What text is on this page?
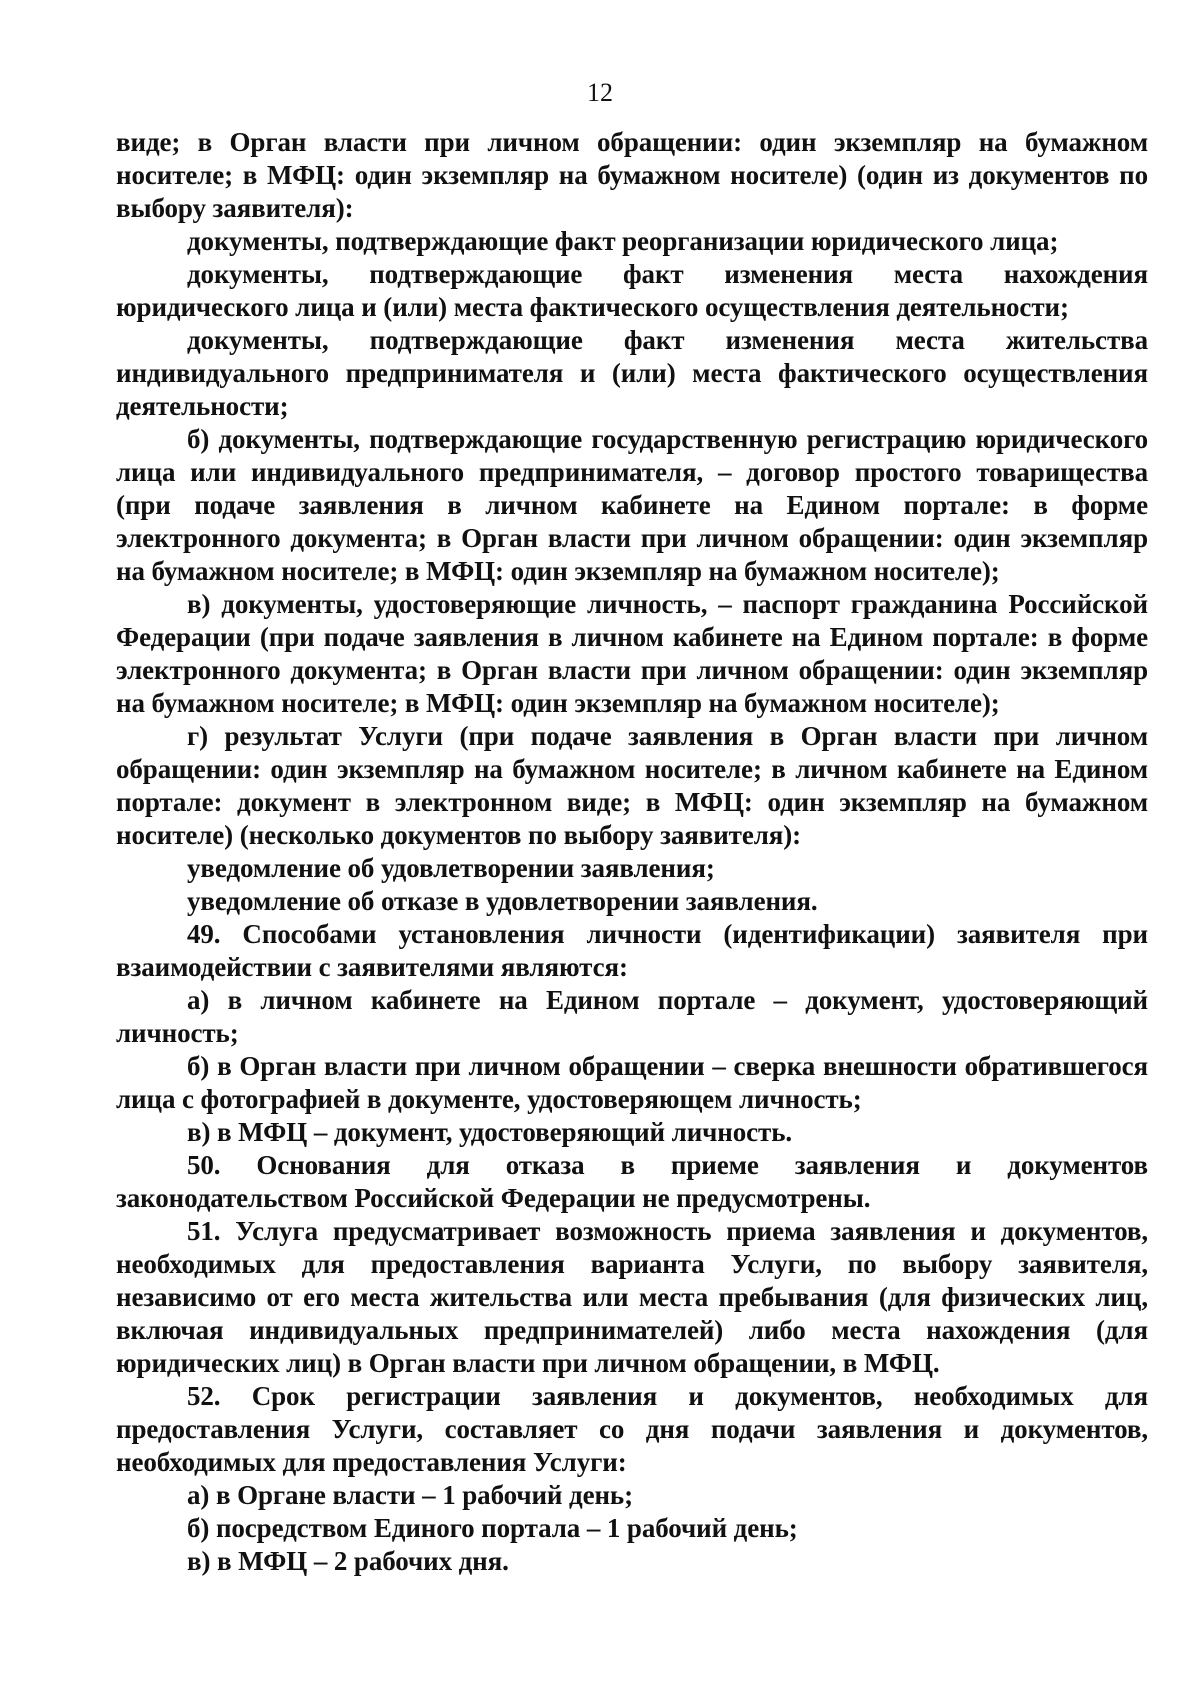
12

виде; в Орган власти при личном обращении: один экземпляр на бумажном носителе; в МФЦ: один экземпляр на бумажном носителе) (один из документов по выбору заявителя):

документы, подтверждающие факт реорганизации юридического лица;

документы, подтверждающие факт изменения места нахождения юридического лица и (или) места фактического осуществления деятельности;

документы, подтверждающие факт изменения места жительства индивидуального предпринимателя и (или) места фактического осуществления деятельности;

б) документы, подтверждающие государственную регистрацию юридического лица или индивидуального предпринимателя, – договор простого товарищества (при подаче заявления в личном кабинете на Едином портале: в форме электронного документа; в Орган власти при личном обращении: один экземпляр на бумажном носителе; в МФЦ: один экземпляр на бумажном носителе);

в) документы, удостоверяющие личность, – паспорт гражданина Российской Федерации (при подаче заявления в личном кабинете на Едином портале: в форме электронного документа; в Орган власти при личном обращении: один экземпляр на бумажном носителе; в МФЦ: один экземпляр на бумажном носителе);

г) результат Услуги (при подаче заявления в Орган власти при личном обращении: один экземпляр на бумажном носителе; в личном кабинете на Едином портале: документ в электронном виде; в МФЦ: один экземпляр на бумажном носителе) (несколько документов по выбору заявителя):

уведомление об удовлетворении заявления;

уведомление об отказе в удовлетворении заявления.

49. Способами установления личности (идентификации) заявителя при взаимодействии с заявителями являются:

а) в личном кабинете на Едином портале – документ, удостоверяющий личность;

б) в Орган власти при личном обращении – сверка внешности обратившегося лица с фотографией в документе, удостоверяющем личность;

в) в МФЦ – документ, удостоверяющий личность.

50. Основания для отказа в приеме заявления и документов законодательством Российской Федерации не предусмотрены.

51. Услуга предусматривает возможность приема заявления и документов, необходимых для предоставления варианта Услуги, по выбору заявителя, независимо от его места жительства или места пребывания (для физических лиц, включая индивидуальных предпринимателей) либо места нахождения (для юридических лиц) в Орган власти при личном обращении, в МФЦ.

52. Срок регистрации заявления и документов, необходимых для предоставления Услуги, составляет со дня подачи заявления и документов, необходимых для предоставления Услуги:

а) в Органе власти – 1 рабочий день;

б) посредством Единого портала – 1 рабочий день;

в) в МФЦ – 2 рабочих дня.
